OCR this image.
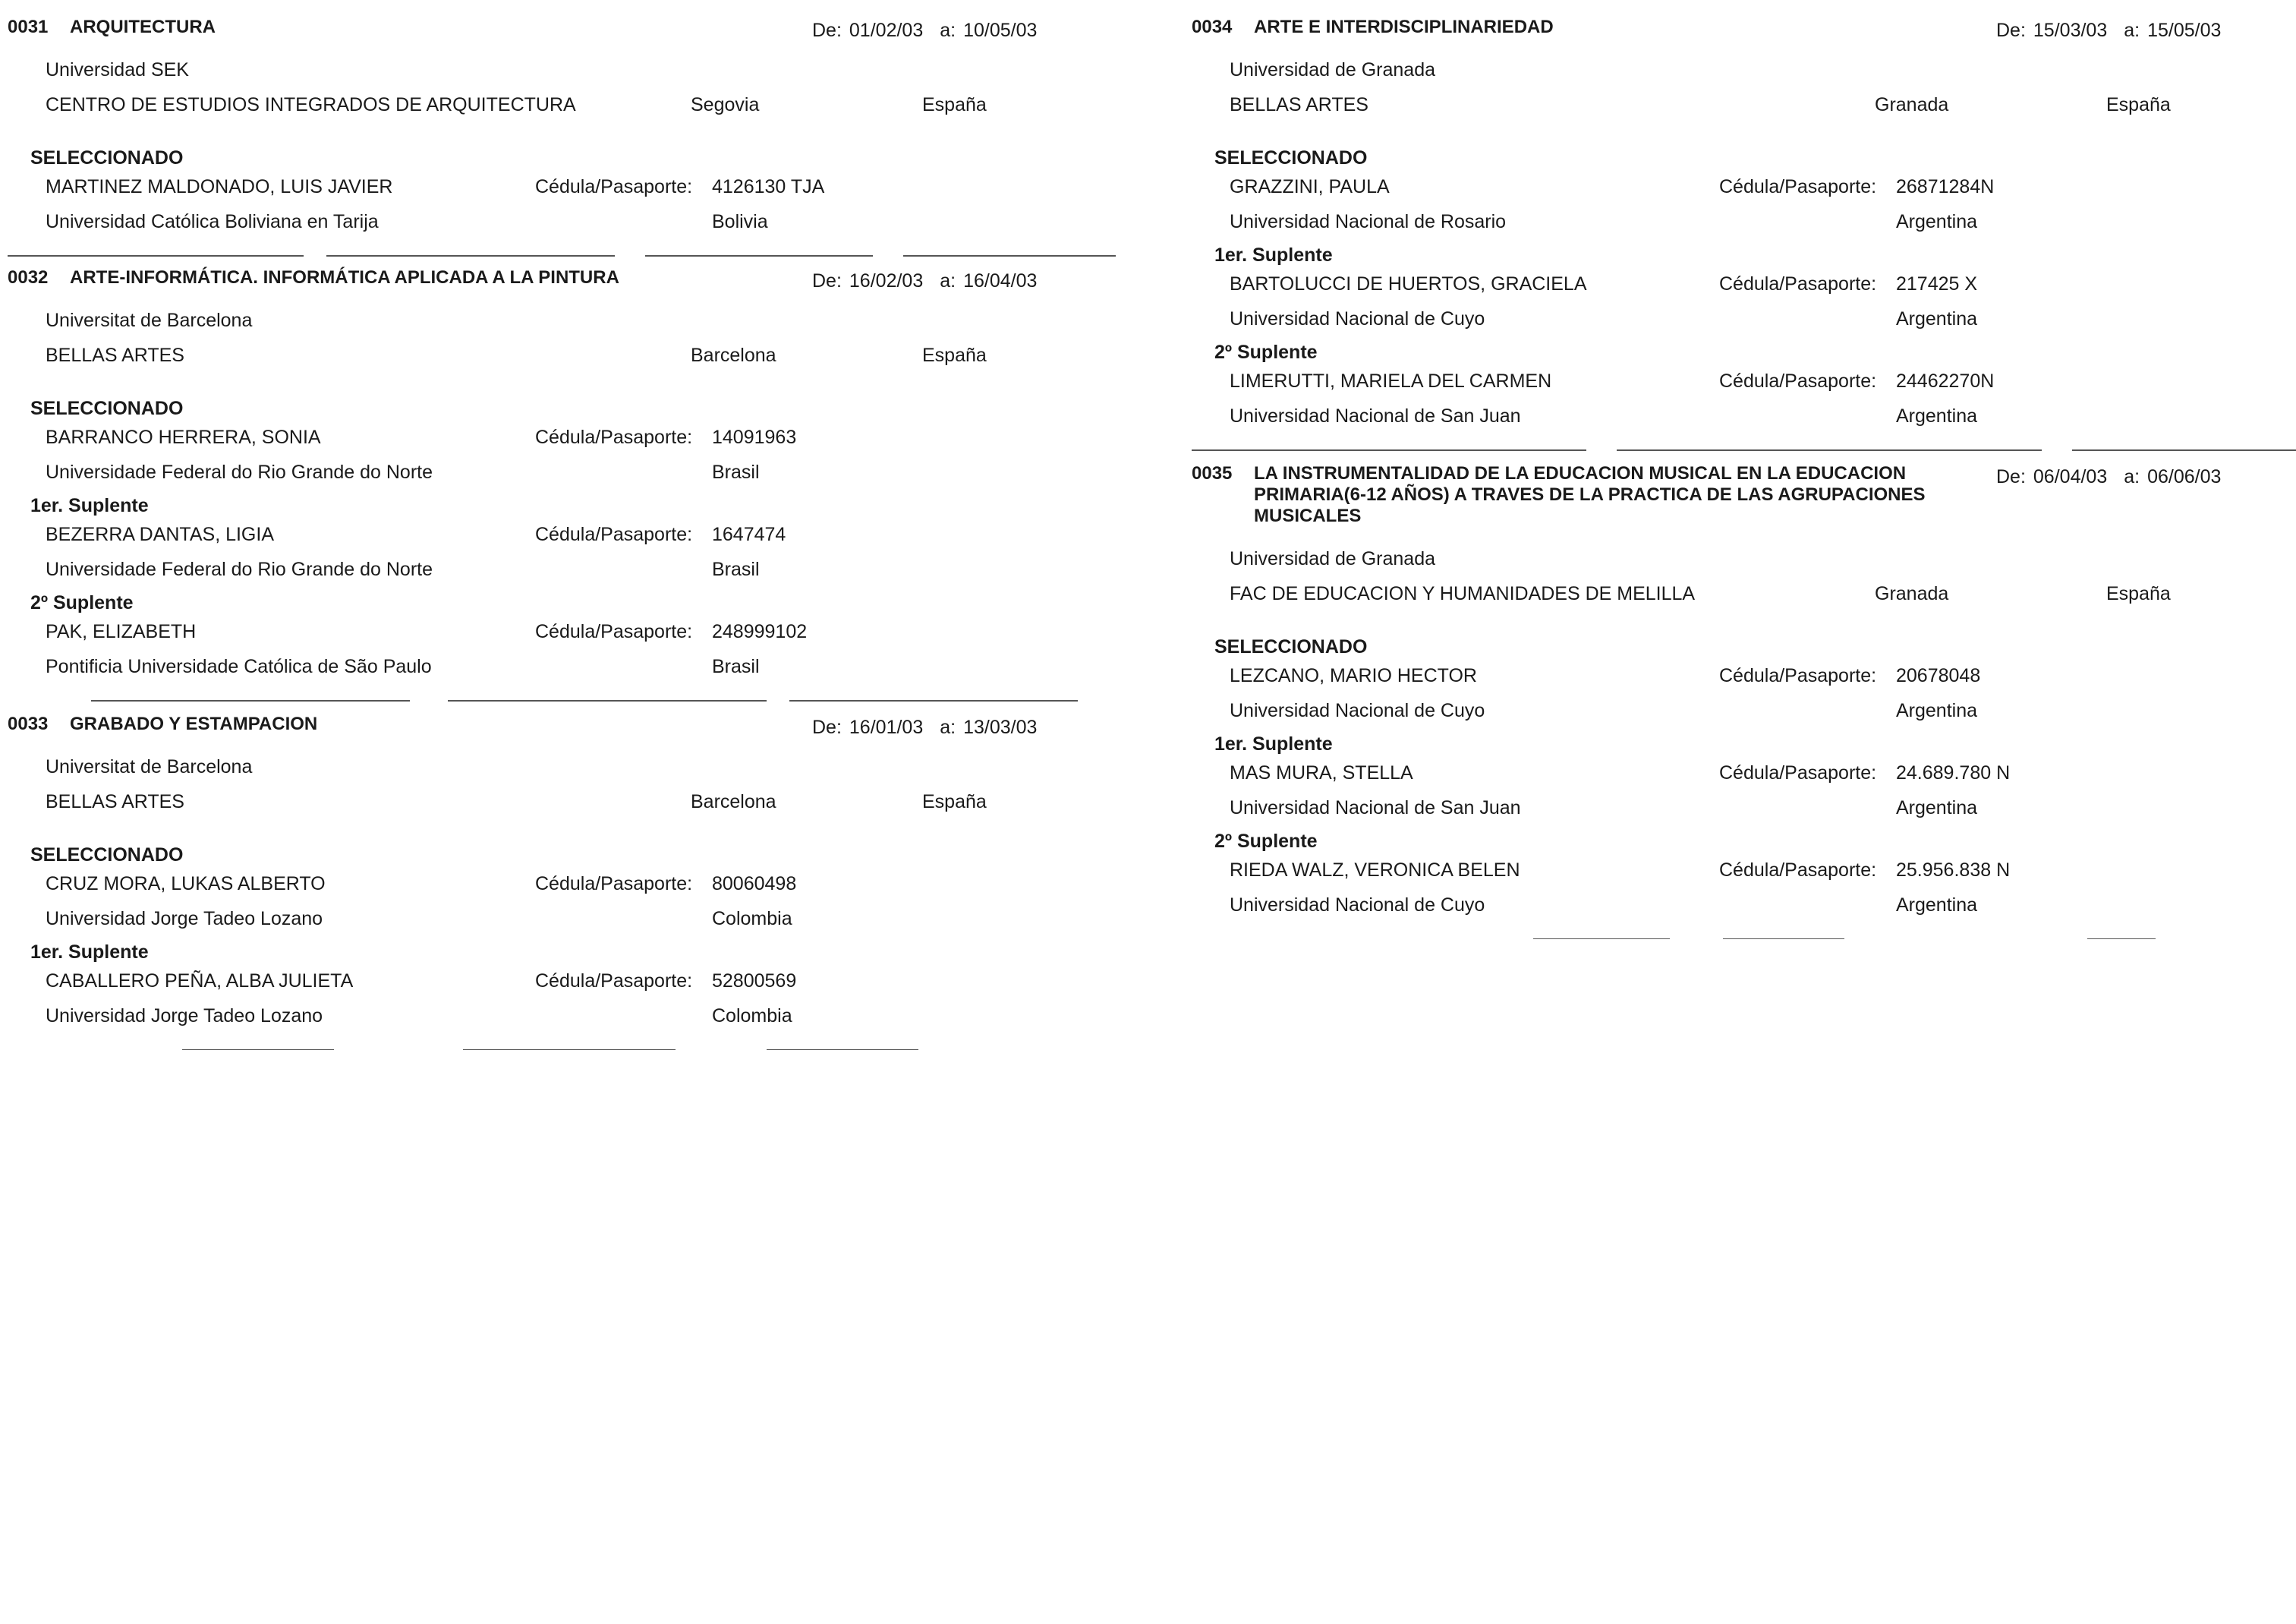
0031 ARQUITECTURA	De: 01/02/03 a: 10/05/03
Universidad SEK
CENTRO DE ESTUDIOS INTEGRADOS DE ARQUITECTURA	Segovia	España
SELECCIONADO
MARTINEZ MALDONADO, LUIS JAVIER	Cédula/Pasaporte: 4126130 TJA
Universidad Católica Boliviana en Tarija	Bolivia
0032 ARTE-INFORMÁTICA. INFORMÁTICA APLICADA A LA PINTURA	De: 16/02/03 a: 16/04/03
Universitat de Barcelona
BELLAS ARTES	Barcelona	España
SELECCIONADO
BARRANCO HERRERA, SONIA	Cédula/Pasaporte: 14091963
Universidade Federal do Rio Grande do Norte	Brasil
1er. Suplente
BEZERRA DANTAS, LIGIA	Cédula/Pasaporte: 1647474
Universidade Federal do Rio Grande do Norte	Brasil
2º Suplente
PAK, ELIZABETH	Cédula/Pasaporte: 248999102
Pontificia Universidade Católica de São Paulo	Brasil
0033 GRABADO Y ESTAMPACION	De: 16/01/03 a: 13/03/03
Universitat de Barcelona
BELLAS ARTES	Barcelona	España
SELECCIONADO
CRUZ MORA, LUKAS ALBERTO	Cédula/Pasaporte: 80060498
Universidad Jorge Tadeo Lozano	Colombia
1er. Suplente
CABALLERO PEÑA, ALBA JULIETA	Cédula/Pasaporte: 52800569
Universidad Jorge Tadeo Lozano	Colombia
0034 ARTE E INTERDISCIPLINARIEDAD	De: 15/03/03 a: 15/05/03
Universidad de Granada
BELLAS ARTES	Granada	España
SELECCIONADO
GRAZZINI, PAULA	Cédula/Pasaporte: 26871284N
Universidad Nacional de Rosario	Argentina
1er. Suplente
BARTOLUCCI DE HUERTOS, GRACIELA	Cédula/Pasaporte: 217425 X
Universidad Nacional de Cuyo	Argentina
2º Suplente
LIMERUTTI, MARIELA DEL CARMEN	Cédula/Pasaporte: 24462270N
Universidad Nacional de San Juan	Argentina
0035 LA INSTRUMENTALIDAD DE LA EDUCACION MUSICAL EN LA EDUCACION PRIMARIA(6-12 AÑOS) A TRAVES DE LA PRACTICA DE LAS AGRUPACIONES MUSICALES
De: 06/04/03 a: 06/06/03
Universidad de Granada
FAC DE EDUCACION Y HUMANIDADES DE MELILLA	Granada	España
SELECCIONADO
LEZCANO, MARIO HECTOR	Cédula/Pasaporte: 20678048
Universidad Nacional de Cuyo	Argentina
1er. Suplente
MAS MURA, STELLA	Cédula/Pasaporte: 24.689.780 N
Universidad Nacional de San Juan	Argentina
2º Suplente
RIEDA WALZ, VERONICA BELEN	Cédula/Pasaporte: 25.956.838 N
Universidad Nacional de Cuyo	Argentina
